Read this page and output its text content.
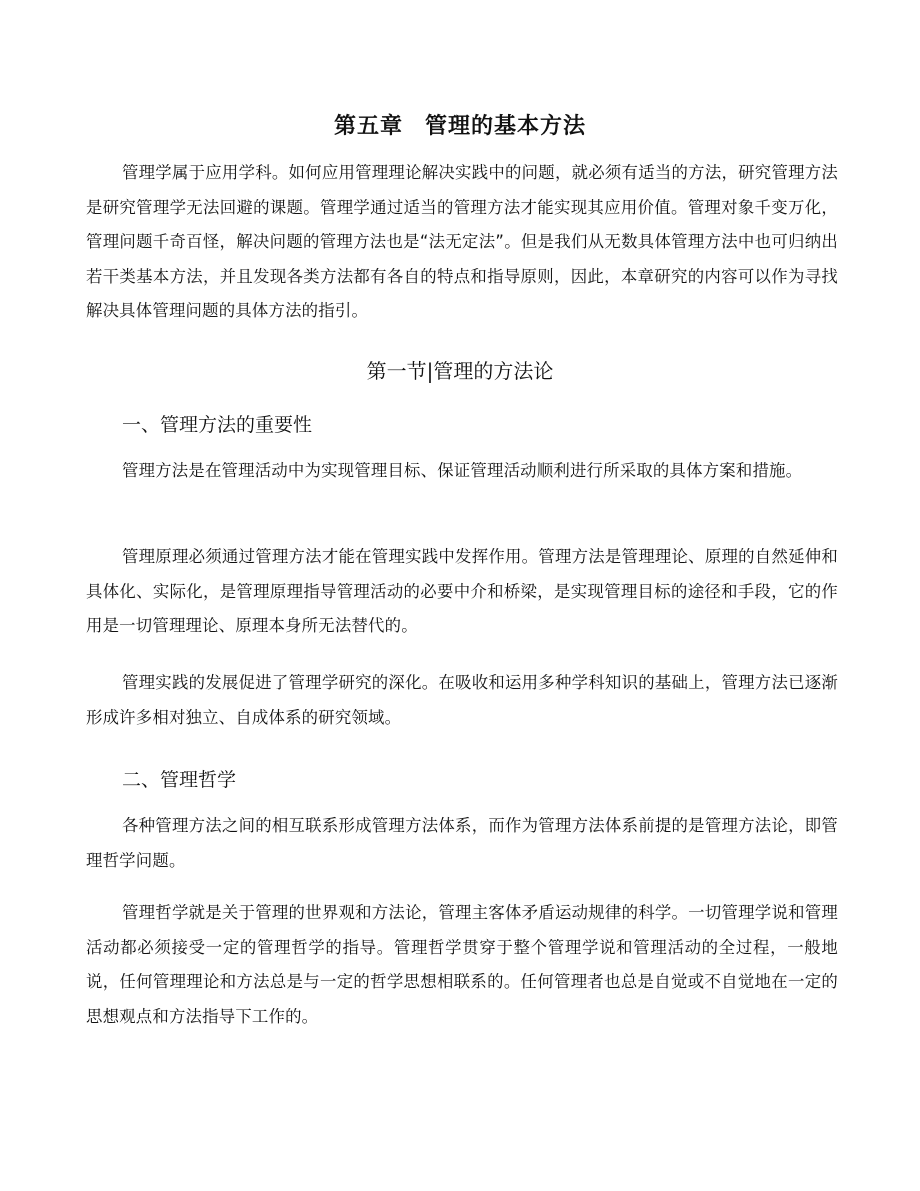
第五章 管理的基本方法

管理学属于应用学科。如何应用管理理论解决实践中的问题，就必须有适当的方法，研究管理方法是研究管理学无法回避的课题。管理学通过适当的管理方法才能实现其应用价值。管理对象千变万化，管理问题千奇百怪，解决问题的管理方法也是“法无定法”。但是我们从无数具体管理方法中也可归纳出若干类基本方法，并且发现各类方法都有各自的特点和指导原则，因此，本章研究的内容可以作为寻找解决具体管理问题的具体方法的指引。

第一节|管理的方法论
一、管理方法的重要性

管理方法是在管理活动中为实现管理目标、保证管理活动顺利进行所采取的具体方案和措施。

管理原理必须通过管理方法才能在管理实践中发挥作用。管理方法是管理理论、原理的自然延伸和具体化、实际化，是管理原理指导管理活动的必要中介和桥梁，是实现管理目标的途径和手段，它的作用是一切管理理论、原理本身所无法替代的。

管理实践的发展促进了管理学研究的深化。在吸收和运用多种学科知识的基础上，管理方法已逐渐形成许多相对独立、自成体系的研究领域。

二、管理哲学

各种管理方法之间的相互联系形成管理方法体系，而作为管理方法体系前提的是管理方法论，即管理哲学问题。

管理哲学就是关于管理的世界观和方法论，管理主客体矛盾运动规律的科学。一切管理学说和管理活动都必须接受一定的管理哲学的指导。管理哲学贯穿于整个管理学说和管理活动的全过程，一般地说，任何管理理论和方法总是与一定的哲学思想相联系的。任何管理者也总是自觉或不自觉地在一定的思想观点和方法指导下工作的。
